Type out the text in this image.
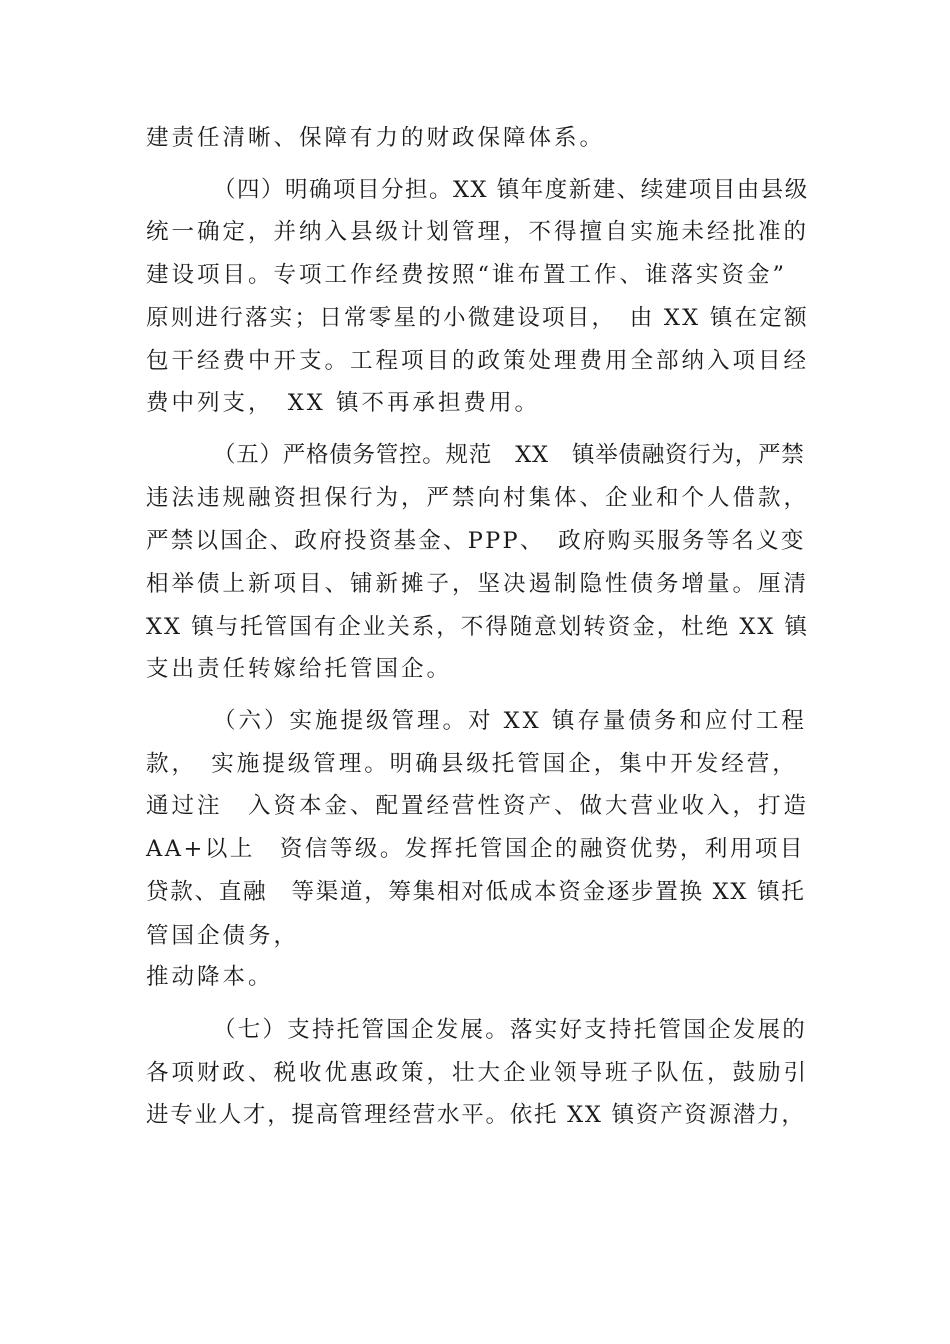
建责任清晰、保障有力的财政保障体系。
（四）明确项目分担。XX 镇年度新建、续建项目由县级
统一确定，并纳入县级计划管理，不得擅自实施未经批准的
建设项目。专项工作经费按照“谁布置工作、谁落实资金”
原则进行落实；日常零星的小微建设项目，　由 XX 镇在定额
包干经费中开支。工程项目的政策处理费用全部纳入项目经
费中列支，　XX 镇不再承担费用。
（五）严格债务管控。规范　XX　镇举债融资行为，严禁
违法违规融资担保行为，严禁向村集体、企业和个人借款，
严禁以国企、政府投资基金、PPP、　政府购买服务等名义变
相举债上新项目、铺新摊子，坚决遏制隐性债务增量。厘清
XX 镇与托管国有企业关系，不得随意划转资金，杜绝 XX 镇
支出责任转嫁给托管国企。
（六）实施提级管理。对 XX 镇存量债务和应付工程
款，　实施提级管理。明确县级托管国企，集中开发经营，
通过注　入资本金、配置经营性资产、做大营业收入，打造
AA+以上　资信等级。发挥托管国企的融资优势，利用项目
贷款、直融　等渠道，筹集相对低成本资金逐步置换 XX 镇托
管国企债务，
推动降本。
（七）支持托管国企发展。落实好支持托管国企发展的
各项财政、税收优惠政策，壮大企业领导班子队伍，鼓励引
进专业人才，提高管理经营水平。依托 XX 镇资产资源潜力，
